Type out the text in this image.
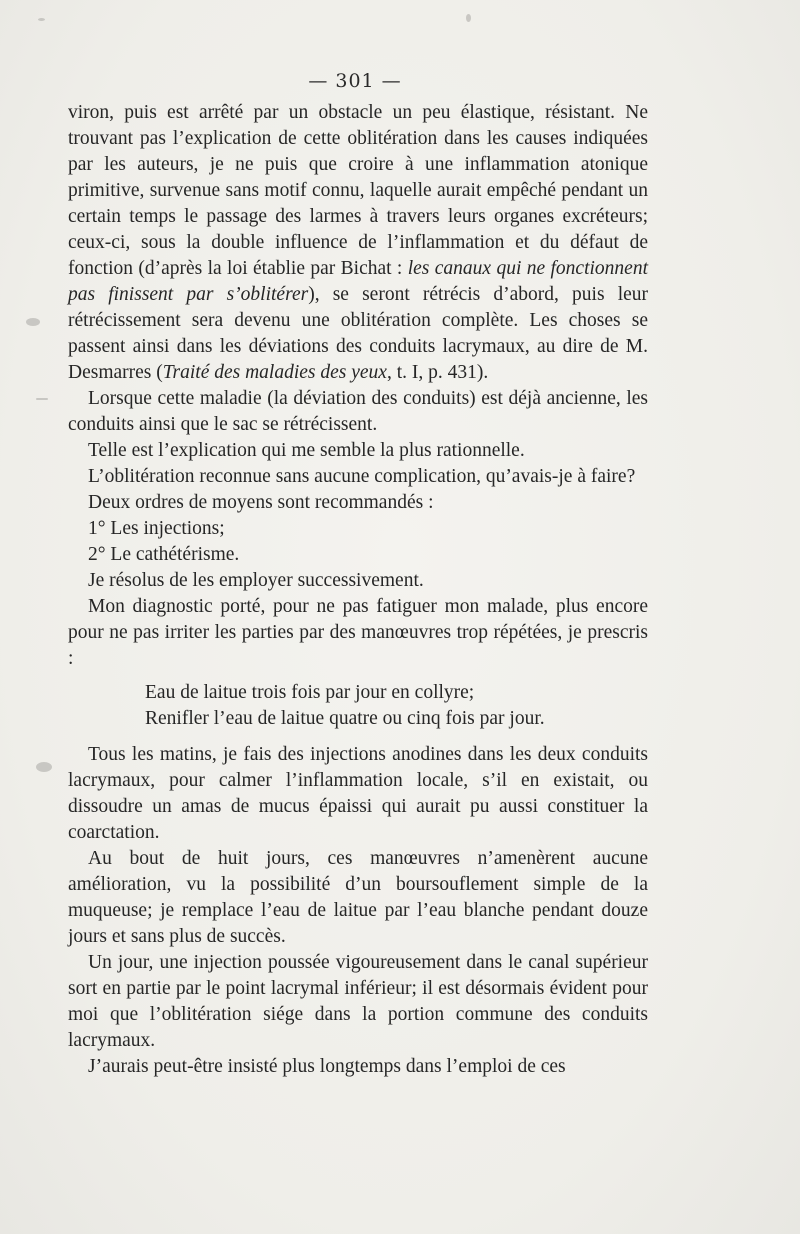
— 301 —

viron, puis est arrêté par un obstacle un peu élastique, résistant. Ne trouvant pas l’explication de cette oblitération dans les causes indiquées par les auteurs, je ne puis que croire à une inflammation atonique primitive, survenue sans motif connu, laquelle aurait empêché pendant un certain temps le passage des larmes à travers leurs organes excréteurs; ceux-ci, sous la double influence de l’inflammation et du défaut de fonction (d’après la loi établie par Bichat : les canaux qui ne fonctionnent pas finissent par s’oblitérer), se seront rétrécis d’abord, puis leur rétrécissement sera devenu une oblitération complète. Les choses se passent ainsi dans les déviations des conduits lacrymaux, au dire de M. Desmarres (Traité des maladies des yeux, t. I, p. 431).

Lorsque cette maladie (la déviation des conduits) est déjà ancienne, les conduits ainsi que le sac se rétrécissent.

Telle est l’explication qui me semble la plus rationnelle.

L’oblitération reconnue sans aucune complication, qu’avais-je à faire?

Deux ordres de moyens sont recommandés :

1° Les injections;

2° Le cathétérisme.

Je résolus de les employer successivement.

Mon diagnostic porté, pour ne pas fatiguer mon malade, plus encore pour ne pas irriter les parties par des manœuvres trop répétées, je prescris :

Eau de laitue trois fois par jour en collyre;
Renifler l’eau de laitue quatre ou cinq fois par jour.

Tous les matins, je fais des injections anodines dans les deux conduits lacrymaux, pour calmer l’inflammation locale, s’il en existait, ou dissoudre un amas de mucus épaissi qui aurait pu aussi constituer la coarctation.

Au bout de huit jours, ces manœuvres n’amenèrent aucune amélioration, vu la possibilité d’un boursouflement simple de la muqueuse; je remplace l’eau de laitue par l’eau blanche pendant douze jours et sans plus de succès.

Un jour, une injection poussée vigoureusement dans le canal supérieur sort en partie par le point lacrymal inférieur; il est désormais évident pour moi que l’oblitération siége dans la portion commune des conduits lacrymaux.

J’aurais peut-être insisté plus longtemps dans l’emploi de ces
